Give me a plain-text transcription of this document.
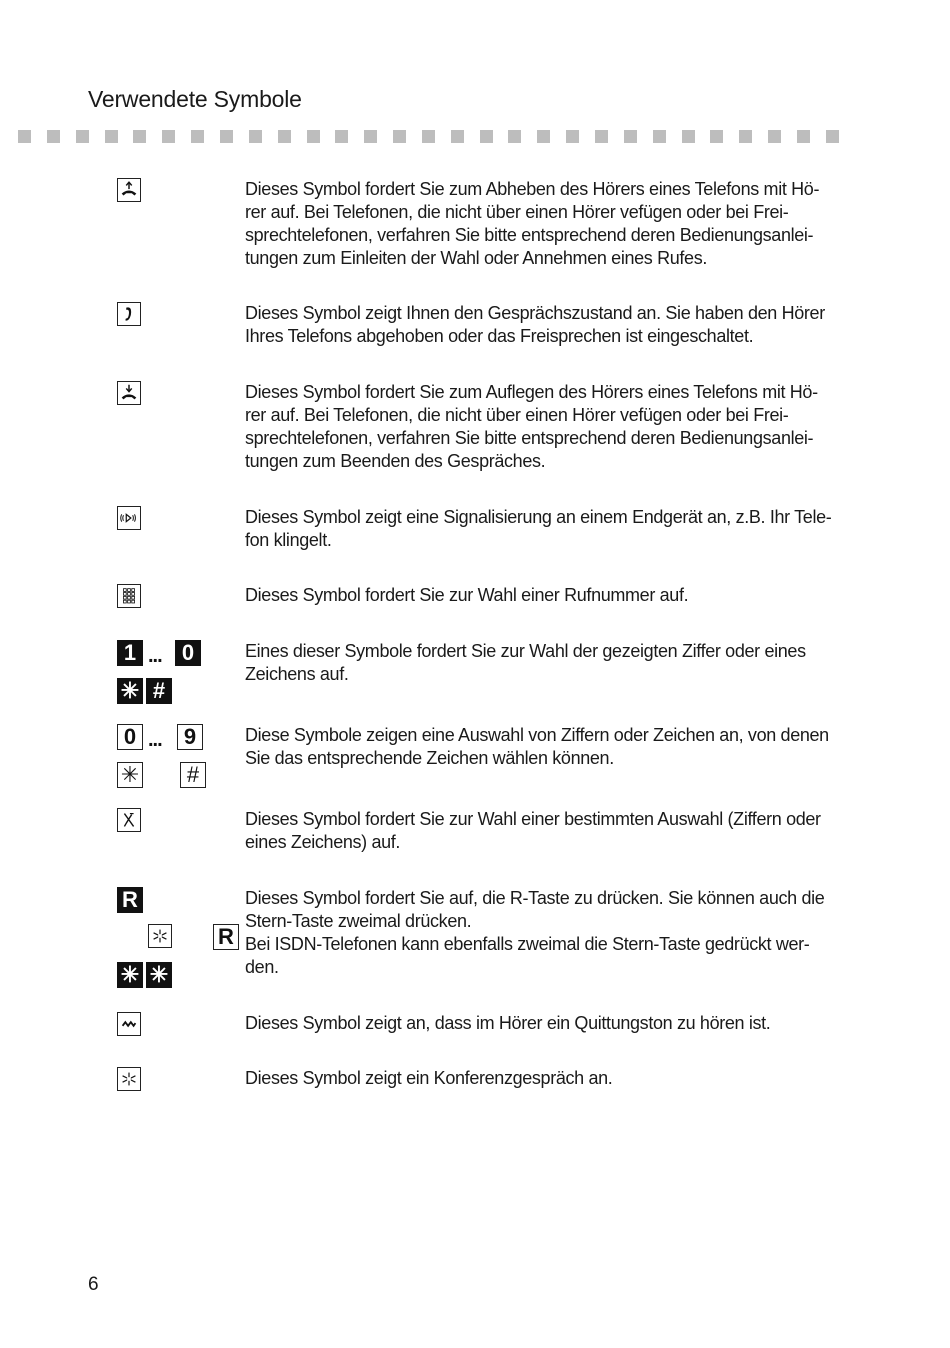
Verwendete Symbole

Dieses Symbol fordert Sie zum Abheben des Hörers eines Telefons mit Hö-
rer auf. Bei Telefonen, die nicht über einen Hörer vefügen oder bei Frei-
sprechtelefonen, verfahren Sie bitte entsprechend deren Bedienungsanlei-
tungen zum Einleiten der Wahl oder Annehmen eines Rufes.

Dieses Symbol zeigt Ihnen den Gesprächszustand an. Sie haben den Hörer
Ihres Telefons abgehoben oder das Freisprechen ist eingeschaltet.

Dieses Symbol fordert Sie zum Auflegen des Hörers eines Telefons mit Hö-
rer auf. Bei Telefonen, die nicht über einen Hörer vefügen oder bei Frei-
sprechtelefonen, verfahren Sie bitte entsprechend deren Bedienungsanlei-
tungen zum Beenden des Gespräches.

Dieses Symbol zeigt eine Signalisierung an einem Endgerät an, z.B. Ihr Tele-
fon klingelt.

Dieses Symbol fordert Sie zur Wahl einer Rufnummer auf.

1 ... 0
✳ #

Eines dieser Symbole fordert Sie zur Wahl der gezeigten Ziffer oder eines
Zeichens auf.

0 ...	9
✳	#

Diese Symbole zeigen eine Auswahl von Ziffern oder Zeichen an, von denen
Sie das entsprechende Zeichen wählen können.

Dieses Symbol fordert Sie zur Wahl einer bestimmten Auswahl (Ziffern oder
eines Zeichens) auf.

R
R
✳ ✳

Dieses Symbol fordert Sie auf, die R-Taste zu drücken. Sie können auch die
Stern-Taste zweimal drücken.
Bei ISDN-Telefonen kann ebenfalls zweimal die Stern-Taste gedrückt wer-
den.

Dieses Symbol zeigt an, dass im Hörer ein Quittungston zu hören ist.

Dieses Symbol zeigt ein Konferenzgespräch an.

6
